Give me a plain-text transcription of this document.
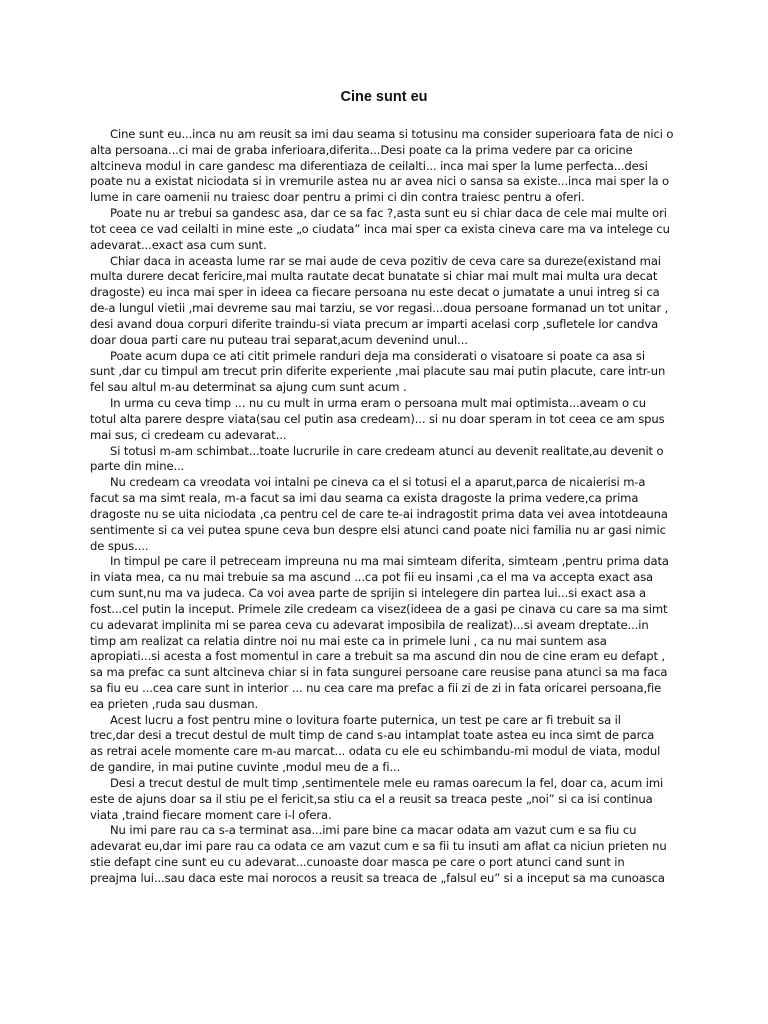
Cine sunt eu
Cine sunt eu...inca nu am reusit sa imi dau seama si totusinu ma consider superioara fata de nici o
alta persoana...ci mai de graba inferioara,diferita...Desi poate ca la prima vedere par ca oricine
altcineva modul in care gandesc ma diferentiaza de ceilalti... inca mai sper la lume perfecta...desi
poate nu a existat niciodata si in vremurile astea nu ar avea nici o sansa sa existe...inca mai sper la o
lume in care oamenii nu traiesc doar pentru a primi ci din contra traiesc pentru a oferi.
Poate nu ar trebui sa gandesc asa, dar ce sa fac ?,asta sunt eu si chiar daca de cele mai multe ori
tot ceea ce vad ceilalti in mine este „o ciudata” inca mai sper ca exista cineva care ma va intelege cu
adevarat...exact asa cum sunt.
Chiar daca in aceasta lume rar se mai aude de ceva pozitiv de ceva care sa dureze(existand mai
multa durere decat fericire,mai multa rautate decat bunatate si chiar mai mult mai multa ura decat
dragoste) eu inca mai sper in ideea ca fiecare persoana nu este decat o jumatate a unui intreg si ca
de-a lungul vietii ,mai devreme sau mai tarziu, se vor regasi...doua persoane formanad un tot unitar ,
desi avand doua corpuri diferite traindu-si viata precum ar imparti acelasi corp ,sufletele lor candva
doar doua parti care nu puteau trai separat,acum devenind unul...
Poate acum dupa ce ati citit primele randuri deja ma considerati o visatoare si poate ca asa si
sunt ,dar cu timpul am trecut prin diferite experiente ,mai placute sau mai putin placute, care intr-un
fel sau altul m-au determinat sa ajung cum sunt acum .
In urma cu ceva timp ... nu cu mult in urma eram o persoana mult mai optimista...aveam o cu
totul alta parere despre viata(sau cel putin asa credeam)... si nu doar speram in tot ceea ce am spus
mai sus, ci credeam cu adevarat...
Si totusi m-am schimbat...toate lucrurile in care credeam atunci au devenit realitate,au devenit o
parte din mine...
Nu credeam ca vreodata voi intalni pe cineva ca el si totusi el a aparut,parca de nicaierisi m-a
facut sa ma simt reala, m-a facut sa imi dau seama ca exista dragoste la prima vedere,ca prima
dragoste nu se uita niciodata ,ca pentru cel de care te-ai indragostit prima data vei avea intotdeauna
sentimente si ca vei putea spune ceva bun despre elsi atunci cand poate nici familia nu ar gasi nimic
de spus....
In timpul pe care il petreceam impreuna nu ma mai simteam diferita, simteam ,pentru prima data
in viata mea, ca nu mai trebuie sa ma ascund ...ca pot fii eu insami ,ca el ma va accepta exact asa
cum sunt,nu ma va judeca. Ca voi avea parte de sprijin si intelegere din partea lui...si exact asa a
fost...cel putin la inceput. Primele zile credeam ca visez(ideea de a gasi pe cinava cu care sa ma simt
cu adevarat implinita mi se parea ceva cu adevarat imposibila de realizat)...si aveam dreptate...in
timp am realizat ca relatia dintre noi nu mai este ca in primele luni , ca nu mai suntem asa
apropiati...si acesta a fost momentul in care a trebuit sa ma ascund din nou de cine eram eu defapt ,
sa ma prefac ca sunt altcineva chiar si in fata sungurei persoane care reusise pana atunci sa ma faca
sa fiu eu ...cea care sunt in interior ... nu cea care ma prefac a fii zi de zi in fata oricarei persoana,fie
ea prieten ,ruda sau dusman.
Acest lucru a fost pentru mine o lovitura foarte puternica, un test pe care ar fi trebuit sa il
trec,dar desi a trecut destul de mult timp de cand s-au intamplat toate astea eu inca simt de parca
as retrai acele momente care m-au marcat... odata cu ele eu schimbandu-mi modul de viata, modul
de gandire, in mai putine cuvinte ,modul meu de a fi...
Desi a trecut destul de mult timp ,sentimentele mele eu ramas oarecum la fel, doar ca, acum imi
este de ajuns doar sa il stiu pe el fericit,sa stiu ca el a reusit sa treaca peste „noi” si ca isi continua
viata ,traind fiecare moment care i-l ofera.
Nu imi pare rau ca s-a terminat asa...imi pare bine ca macar odata am vazut cum e sa fiu cu
adevarat eu,dar imi pare rau ca odata ce am vazut cum e sa fii tu insuti am aflat ca niciun prieten nu
stie defapt cine sunt eu cu adevarat...cunoaste doar masca pe care o port atunci cand sunt in
preajma lui...sau daca este mai norocos a reusit sa treaca de „falsul eu” si a inceput sa ma cunoasca
